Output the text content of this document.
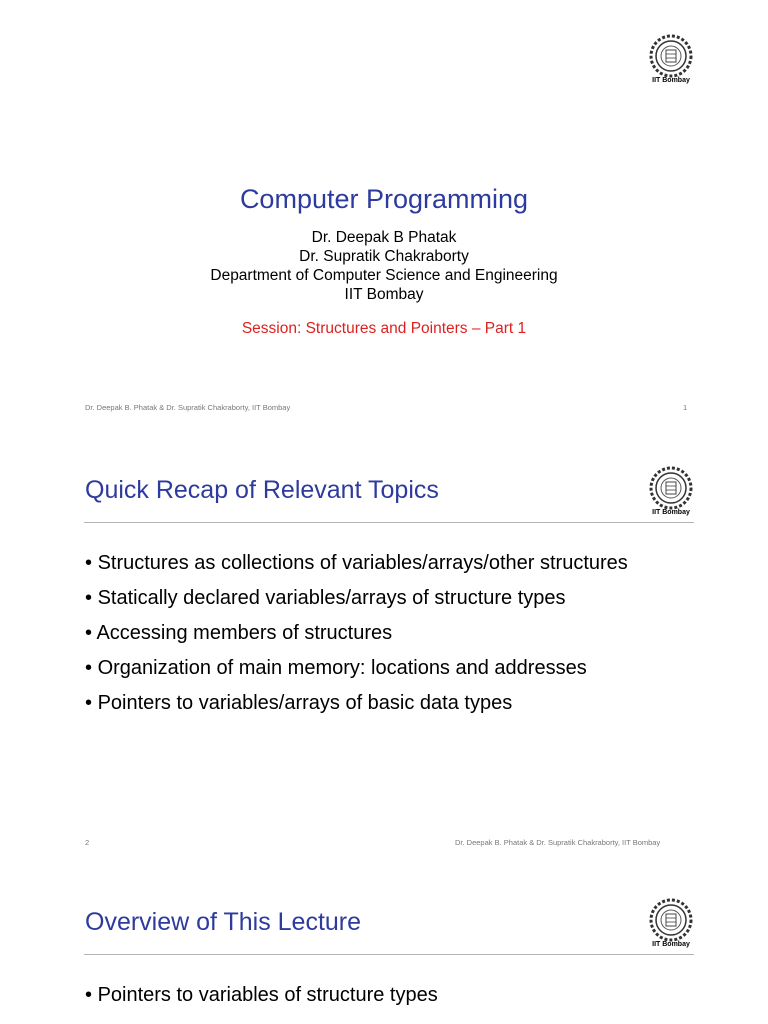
IIT Bombay
Computer Programming
Dr. Deepak B Phatak
Dr. Supratik Chakraborty
Department of Computer Science and Engineering
IIT Bombay
Session: Structures and Pointers – Part 1
Dr. Deepak B. Phatak & Dr. Supratik Chakraborty, IIT Bombay	1
Quick Recap of Relevant Topics
IIT Bombay
• Structures as collections of variables/arrays/other structures
• Statically declared variables/arrays of structure types
• Accessing members of structures
• Organization of main memory: locations and addresses
• Pointers to variables/arrays of basic data types
2	Dr. Deepak B. Phatak & Dr. Supratik Chakraborty, IIT Bombay
Overview of This Lecture
IIT Bombay
• Pointers to variables of structure types
